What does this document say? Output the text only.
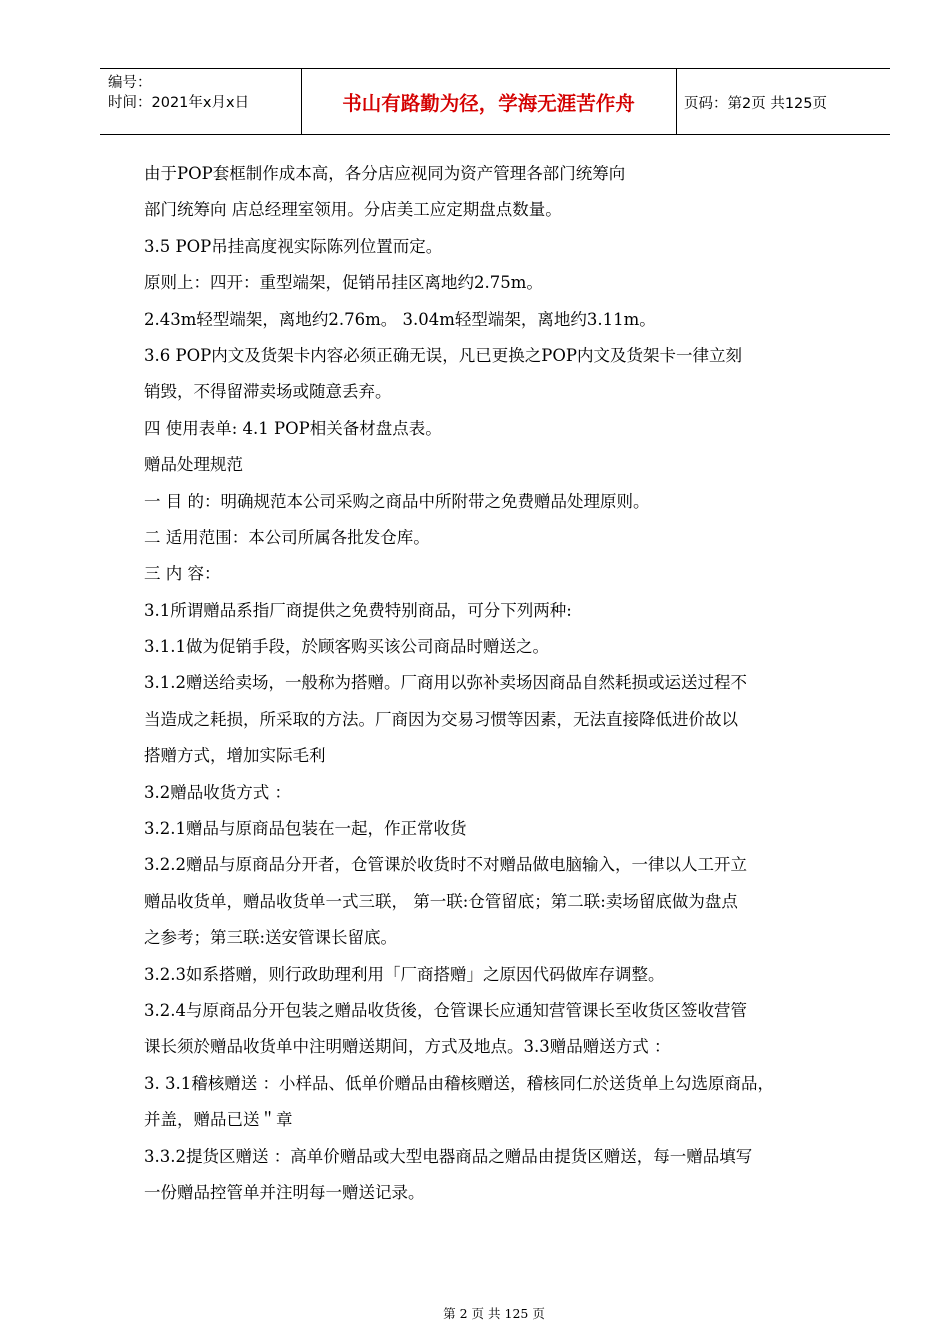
编号：
时间：2021年x月x日	书山有路勤为径，学海无涯苦作舟	页码：第2页 共125页
由于POP套框制作成本高，各分店应视同为资产管理各部门统筹向
部门统筹向 店总经理室领用。分店美工应定期盘点数量。
3.5 POP吊挂高度视实际陈列位置而定。
原则上：四开：重型端架，促销吊挂区离地约2.75m。
2.43m轻型端架，离地约2.76m。 3.04m轻型端架，离地约3.11m。
3.6 POP内文及货架卡内容必须正确无误，凡已更换之POP内文及货架卡一律立刻
销毁，不得留滞卖场或随意丢弃。
四 使用表单: 4.1 POP相关备材盘点表。
赠品处理规范
一 目 的：明确规范本公司采购之商品中所附带之免费赠品处理原则。
二 适用范围：本公司所属各批发仓库。
三 内 容：
3.1所谓赠品系指厂商提供之免费特别商品，可分下列两种:
3.1.1做为促销手段，於顾客购买该公司商品时赠送之。
3.1.2赠送给卖场，一般称为搭赠。厂商用以弥补卖场因商品自然耗损或运送过程不
当造成之耗损，所采取的方法。厂商因为交易习惯等因素，无法直接降低进价故以
搭赠方式，增加实际毛利
3.2赠品收货方式 ：
3.2.1赠品与原商品包装在一起，作正常收货
3.2.2赠品与原商品分开者，仓管课於收货时不对赠品做电脑输入，一律以人工开立
赠品收货单，赠品收货单一式三联， 第一联:仓管留底；第二联:卖场留底做为盘点
之参考；第三联:送安管课长留底。
3.2.3如系搭赠，则行政助理利用「厂商搭赠」之原因代码做库存调整。
3.2.4与原商品分开包装之赠品收货後，仓管课长应通知营管课长至收货区签收营管
课长须於赠品收货单中注明赠送期间，方式及地点。3.3赠品赠送方式 ：
3. 3.1稽核赠送 ：小样品、低单价赠品由稽核赠送，稽核同仁於送货单上勾选原商品，
并盖，赠品已送＂章
3.3.2提货区赠送 ：高单价赠品或大型电器商品之赠品由提货区赠送，每一赠品填写
一份赠品控管单并注明每一赠送记录。
第 2 页 共 125 页
